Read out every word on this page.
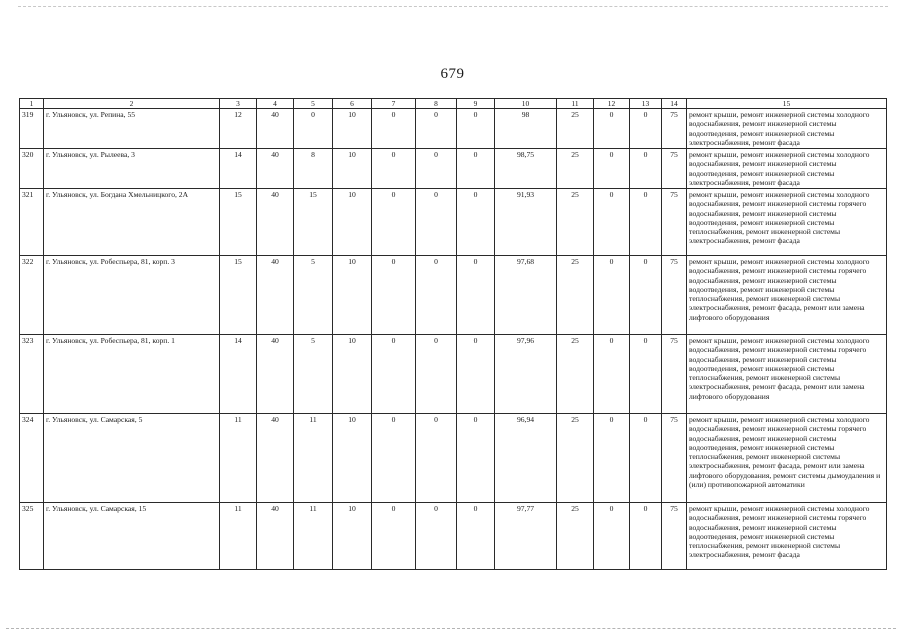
679
1	2	3	4	5	6	7	8	9	10	11	12	13	14	15
319	г. Ульяновск, ул. Репина, 55	12	40	0	10	0	0	0	98	25	0	0	75	ремонт крыши, ремонт инженерной системы холодного водоснабжения, ремонт инженерной системы водоотведения, ремонт инженерной системы электроснабжения, ремонт фасада
320	г. Ульяновск, ул. Рылеева, 3	14	40	8	10	0	0	0	98,75	25	0	0	75	ремонт крыши, ремонт инженерной системы холодного водоснабжения, ремонт инженерной системы водоотведения, ремонт инженерной системы электроснабжения, ремонт фасада
321	г. Ульяновск, ул. Богдана Хмельницкого, 2А	15	40	15	10	0	0	0	91,93	25	0	0	75	ремонт крыши, ремонт инженерной системы холодного водоснабжения, ремонт инженерной системы горячего водоснабжения, ремонт инженерной системы водоотведения, ремонт инженерной системы теплоснабжения, ремонт инженерной системы электроснабжения, ремонт фасада
322	г. Ульяновск, ул. Робеспьера, 81, корп. 3	15	40	5	10	0	0	0	97,68	25	0	0	75	ремонт крыши, ремонт инженерной системы холодного водоснабжения, ремонт инженерной системы горячего водоснабжения, ремонт инженерной системы водоотведения, ремонт инженерной системы теплоснабжения, ремонт инженерной системы электроснабжения, ремонт фасада, ремонт или замена лифтового оборудования
323	г. Ульяновск, ул. Робеспьера, 81, корп. 1	14	40	5	10	0	0	0	97,96	25	0	0	75	ремонт крыши, ремонт инженерной системы холодного водоснабжения, ремонт инженерной системы горячего водоснабжения, ремонт инженерной системы водоотведения, ремонт инженерной системы теплоснабжения, ремонт инженерной системы электроснабжения, ремонт фасада, ремонт или замена лифтового оборудования
324	г. Ульяновск, ул. Самарская, 5	11	40	11	10	0	0	0	96,94	25	0	0	75	ремонт крыши, ремонт инженерной системы холодного водоснабжения, ремонт инженерной системы горячего водоснабжения, ремонт инженерной системы водоотведения, ремонт инженерной системы теплоснабжения, ремонт инженерной системы электроснабжения, ремонт фасада, ремонт или замена лифтового оборудования, ремонт системы дымоудаления и (или) противопожарной автоматики
325	г. Ульяновск, ул. Самарская, 15	11	40	11	10	0	0	0	97,77	25	0	0	75	ремонт крыши, ремонт инженерной системы холодного водоснабжения, ремонт инженерной системы горячего водоснабжения, ремонт инженерной системы водоотведения, ремонт инженерной системы теплоснабжения, ремонт инженерной системы электроснабжения, ремонт фасада
